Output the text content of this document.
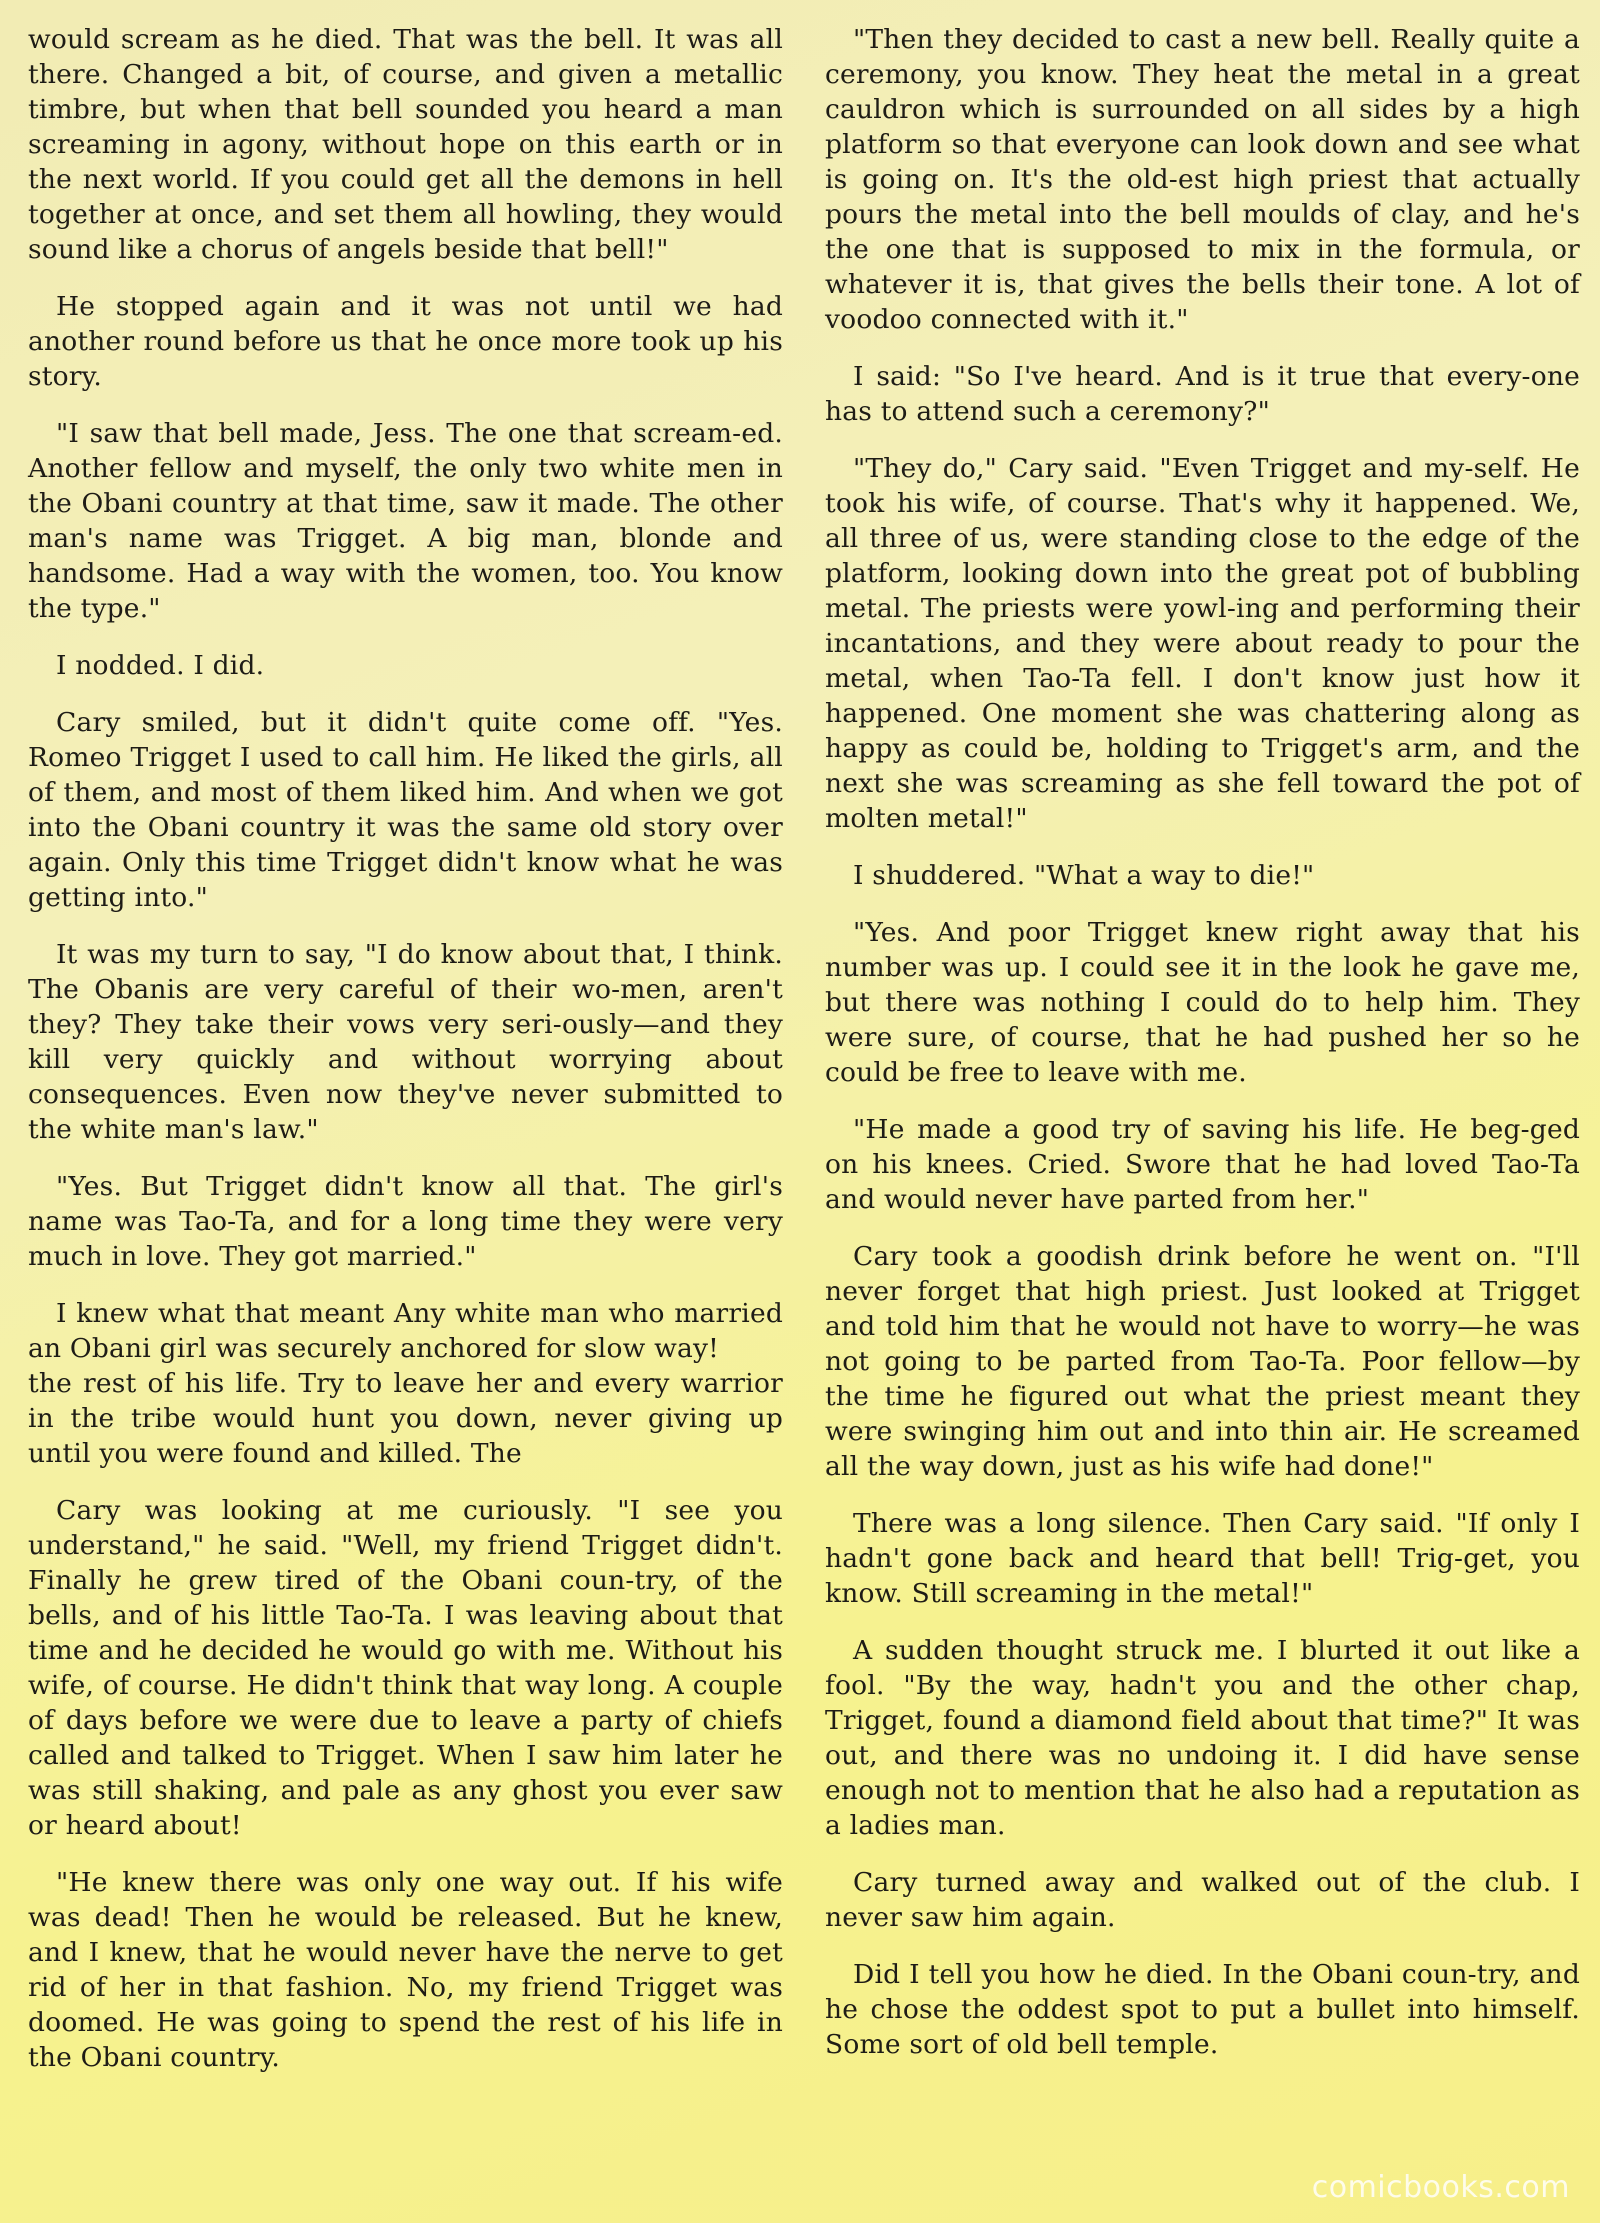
would scream as he died. That was the bell. It was all there. Changed a bit, of course, and given a metallic timbre, but when that bell sounded you heard a man screaming in agony, without hope on this earth or in the next world. If you could get all the demons in hell together at once, and set them all howling, they would sound like a chorus of angels beside that bell!"

He stopped again and it was not until we had another round before us that he once more took up his story.

"I saw that bell made, Jess. The one that scream-ed. Another fellow and myself, the only two white men in the Obani country at that time, saw it made. The other man's name was Trigget. A big man, blonde and handsome. Had a way with the women, too. You know the type."

I nodded. I did.

Cary smiled, but it didn't quite come off. "Yes. Romeo Trigget I used to call him. He liked the girls, all of them, and most of them liked him. And when we got into the Obani country it was the same old story over again. Only this time Trigget didn't know what he was getting into."

It was my turn to say, "I do know about that, I think. The Obanis are very careful of their wo-men, aren't they? They take their vows very seri-ously—and they kill very quickly and without worrying about consequences. Even now they've never submitted to the white man's law."

"Yes. But Trigget didn't know all that. The girl's name was Tao-Ta, and for a long time they were very much in love. They got married."

I knew what that meant Any white man who married an Obani girl was securely anchored for slow way!

the rest of his life. Try to leave her and every warrior in the tribe would hunt you down, never giving up until you were found and killed. The

Cary was looking at me curiously. "I see you understand," he said. "Well, my friend Trigget didn't. Finally he grew tired of the Obani coun-try, of the bells, and of his little Tao-Ta. I was leaving about that time and he decided he would go with me. Without his wife, of course. He didn't think that way long. A couple of days before we were due to leave a party of chiefs called and talked to Trigget. When I saw him later he was still shaking, and pale as any ghost you ever saw or heard about!

"He knew there was only one way out. If his wife was dead! Then he would be released. But he knew, and I knew, that he would never have the nerve to get rid of her in that fashion. No, my friend Trigget was doomed. He was going to spend the rest of his life in the Obani country.

"Then they decided to cast a new bell. Really quite a ceremony, you know. They heat the metal in a great cauldron which is surrounded on all sides by a high platform so that everyone can look down and see what is going on. It's the old-est high priest that actually pours the metal into the bell moulds of clay, and he's the one that is supposed to mix in the formula, or whatever it is, that gives the bells their tone. A lot of voodoo connected with it."

I said: "So I've heard. And is it true that every-one has to attend such a ceremony?"

"They do," Cary said. "Even Trigget and my-self. He took his wife, of course. That's why it happened. We, all three of us, were standing close to the edge of the platform, looking down into the great pot of bubbling metal. The priests were yowl-ing and performing their incantations, and they were about ready to pour the metal, when Tao-Ta fell. I don't know just how it happened. One moment she was chattering along as happy as could be, holding to Trigget's arm, and the next she was screaming as she fell toward the pot of molten metal!"

I shuddered. "What a way to die!"

"Yes. And poor Trigget knew right away that his number was up. I could see it in the look he gave me, but there was nothing I could do to help him. They were sure, of course, that he had pushed her so he could be free to leave with me.

"He made a good try of saving his life. He beg-ged on his knees. Cried. Swore that he had loved Tao-Ta and would never have parted from her."

Cary took a goodish drink before he went on. "I'll never forget that high priest. Just looked at Trigget and told him that he would not have to worry—he was not going to be parted from Tao-Ta. Poor fellow—by the time he figured out what the priest meant they were swinging him out and into thin air. He screamed all the way down, just as his wife had done!"

There was a long silence. Then Cary said. "If only I hadn't gone back and heard that bell! Trig-get, you know. Still screaming in the metal!"

A sudden thought struck me. I blurted it out like a fool. "By the way, hadn't you and the other chap, Trigget, found a diamond field about that time?" It was out, and there was no undoing it. I did have sense enough not to mention that he also had a reputation as a ladies man.

Cary turned away and walked out of the club. I never saw him again.

Did I tell you how he died. In the Obani coun-try, and he chose the oddest spot to put a bullet into himself. Some sort of old bell temple.

comicbooks.com
